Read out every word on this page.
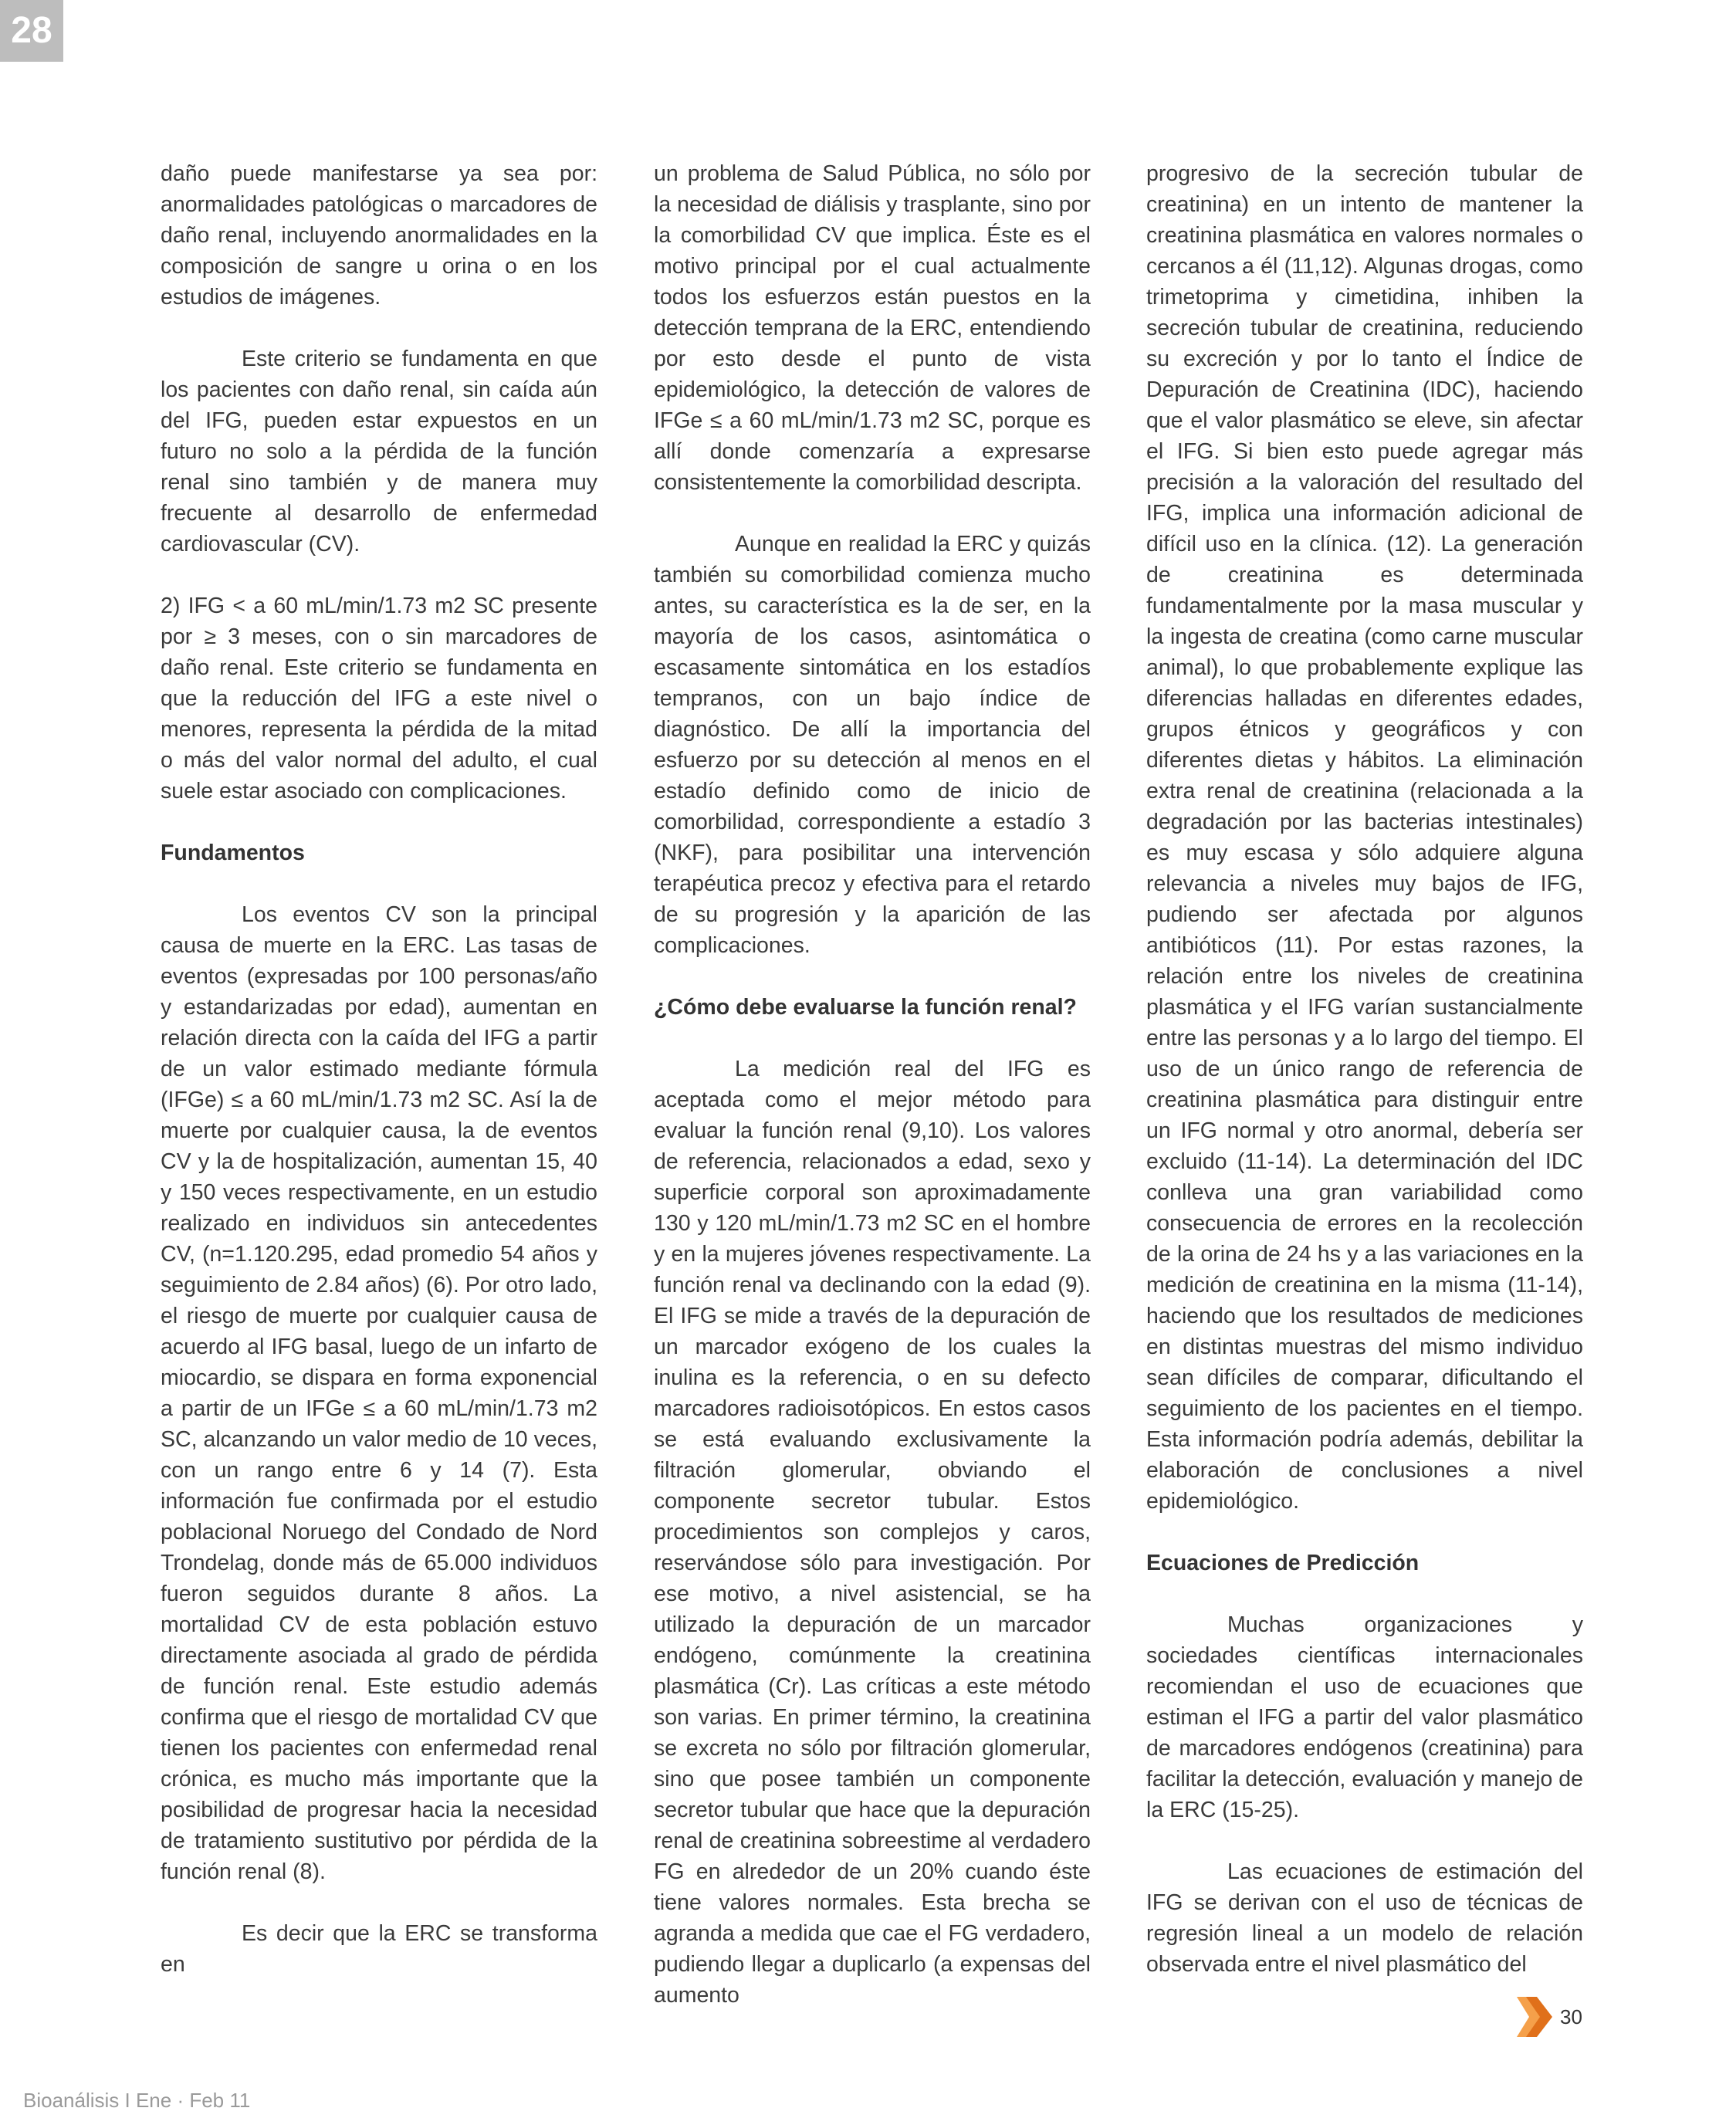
28

daño puede manifestarse ya sea por: anormalidades patológicas o marcadores de daño renal, incluyendo anormalidades en la composición de sangre u orina o en los estudios de imágenes.

Este criterio se fundamenta en que los pacientes con daño renal, sin caída aún del IFG, pueden estar expuestos en un futuro no solo a la pérdida de la función renal sino también y de manera muy frecuente al desarrollo de enfermedad cardiovascular (CV).

2) IFG < a 60 mL/min/1.73 m2 SC presente por ≥ 3 meses, con o sin marcadores de daño renal. Este criterio se fundamenta en que la reducción del IFG a este nivel o menores, representa la pérdida de la mitad o más del valor normal del adulto, el cual suele estar asociado con complicaciones.

Fundamentos

Los eventos CV son la principal causa de muerte en la ERC. Las tasas de eventos (expresadas por 100 personas/año y estandarizadas por edad), aumentan en relación directa con la caída del IFG a partir de un valor estimado mediante fórmula (IFGe) ≤ a 60 mL/min/1.73 m2 SC. Así la de muerte por cualquier causa, la de eventos CV y la de hospitalización, aumentan 15, 40 y 150 veces respectivamente, en un estudio realizado en individuos sin antecedentes CV, (n=1.120.295, edad promedio 54 años y seguimiento de 2.84 años) (6). Por otro lado, el riesgo de muerte por cualquier causa de acuerdo al IFG basal, luego de un infarto de miocardio, se dispara en forma exponencial a partir de un IFGe ≤ a 60 mL/min/1.73 m2 SC, alcanzando un valor medio de 10 veces, con un rango entre 6 y 14 (7). Esta información fue confirmada por el estudio poblacional Noruego del Condado de Nord Trondelag, donde más de 65.000 individuos fueron seguidos durante 8 años. La mortalidad CV de esta población estuvo directamente asociada al grado de pérdida de función renal. Este estudio además confirma que el riesgo de mortalidad CV que tienen los pacientes con enfermedad renal crónica, es mucho más importante que la posibilidad de progresar hacia la necesidad de tratamiento sustitutivo por pérdida de la función renal (8).

Es decir que la ERC se transforma en

un problema de Salud Pública, no sólo por la necesidad de diálisis y trasplante, sino por la comorbilidad CV que implica. Éste es el motivo principal por el cual actualmente todos los esfuerzos están puestos en la detección temprana de la ERC, entendiendo por esto desde el punto de vista epidemiológico, la detección de valores de IFGe ≤ a 60 mL/min/1.73 m2 SC, porque es allí donde comenzaría a expresarse consistentemente la comorbilidad descripta.

Aunque en realidad la ERC y quizás también su comorbilidad comienza mucho antes, su característica es la de ser, en la mayoría de los casos, asintomática o escasamente sintomática en los estadíos tempranos, con un bajo índice de diagnóstico. De allí la importancia del esfuerzo por su detección al menos en el estadío definido como de inicio de comorbilidad, correspondiente a estadío 3 (NKF), para posibilitar una intervención terapéutica precoz y efectiva para el retardo de su progresión y la aparición de las complicaciones.

¿Cómo debe evaluarse la función renal?

La medición real del IFG es aceptada como el mejor método para evaluar la función renal (9,10). Los valores de referencia, relacionados a edad, sexo y superficie corporal son aproximadamente 130 y 120 mL/min/1.73 m2 SC en el hombre y en la mujeres jóvenes respectivamente. La función renal va declinando con la edad (9). El IFG se mide a través de la depuración de un marcador exógeno de los cuales la inulina es la referencia, o en su defecto marcadores radioisotópicos. En estos casos se está evaluando exclusivamente la filtración glomerular, obviando el componente secretor tubular. Estos procedimientos son complejos y caros, reservándose sólo para investigación. Por ese motivo, a nivel asistencial, se ha utilizado la depuración de un marcador endógeno, comúnmente la creatinina plasmática (Cr). Las críticas a este método son varias. En primer término, la creatinina se excreta no sólo por filtración glomerular, sino que posee también un componente secretor tubular que hace que la depuración renal de creatinina sobreestime al verdadero FG en alrededor de un 20% cuando éste tiene valores normales. Esta brecha se agranda a medida que cae el FG verdadero, pudiendo llegar a duplicarlo (a expensas del aumento

progresivo de la secreción tubular de creatinina) en un intento de mantener la creatinina plasmática en valores normales o cercanos a él (11,12). Algunas drogas, como trimetoprima y cimetidina, inhiben la secreción tubular de creatinina, reduciendo su excreción y por lo tanto el Índice de Depuración de Creatinina (IDC), haciendo que el valor plasmático se eleve, sin afectar el IFG. Si bien esto puede agregar más precisión a la valoración del resultado del IFG, implica una información adicional de difícil uso en la clínica. (12). La generación de creatinina es determinada fundamentalmente por la masa muscular y la ingesta de creatina (como carne muscular animal), lo que probablemente explique las diferencias halladas en diferentes edades, grupos étnicos y geográficos y con diferentes dietas y hábitos. La eliminación extra renal de creatinina (relacionada a la degradación por las bacterias intestinales) es muy escasa y sólo adquiere alguna relevancia a niveles muy bajos de IFG, pudiendo ser afectada por algunos antibióticos (11). Por estas razones, la relación entre los niveles de creatinina plasmática y el IFG varían sustancialmente entre las personas y a lo largo del tiempo. El uso de un único rango de referencia de creatinina plasmática para distinguir entre un IFG normal y otro anormal, debería ser excluido (11-14). La determinación del IDC conlleva una gran variabilidad como consecuencia de errores en la recolección de la orina de 24 hs y a las variaciones en la medición de creatinina en la misma (11-14), haciendo que los resultados de mediciones en distintas muestras del mismo individuo sean difíciles de comparar, dificultando el seguimiento de los pacientes en el tiempo. Esta información podría además, debilitar la elaboración de conclusiones a nivel epidemiológico.

Ecuaciones de Predicción

Muchas organizaciones y sociedades científicas internacionales recomiendan el uso de ecuaciones que estiman el IFG a partir del valor plasmático de marcadores endógenos (creatinina) para facilitar la detección, evaluación y manejo de la ERC (15-25).

Las ecuaciones de estimación del IFG se derivan con el uso de técnicas de regresión lineal a un modelo de relación observada entre el nivel plasmático del

30
Bioanálisis I Ene · Feb 11
